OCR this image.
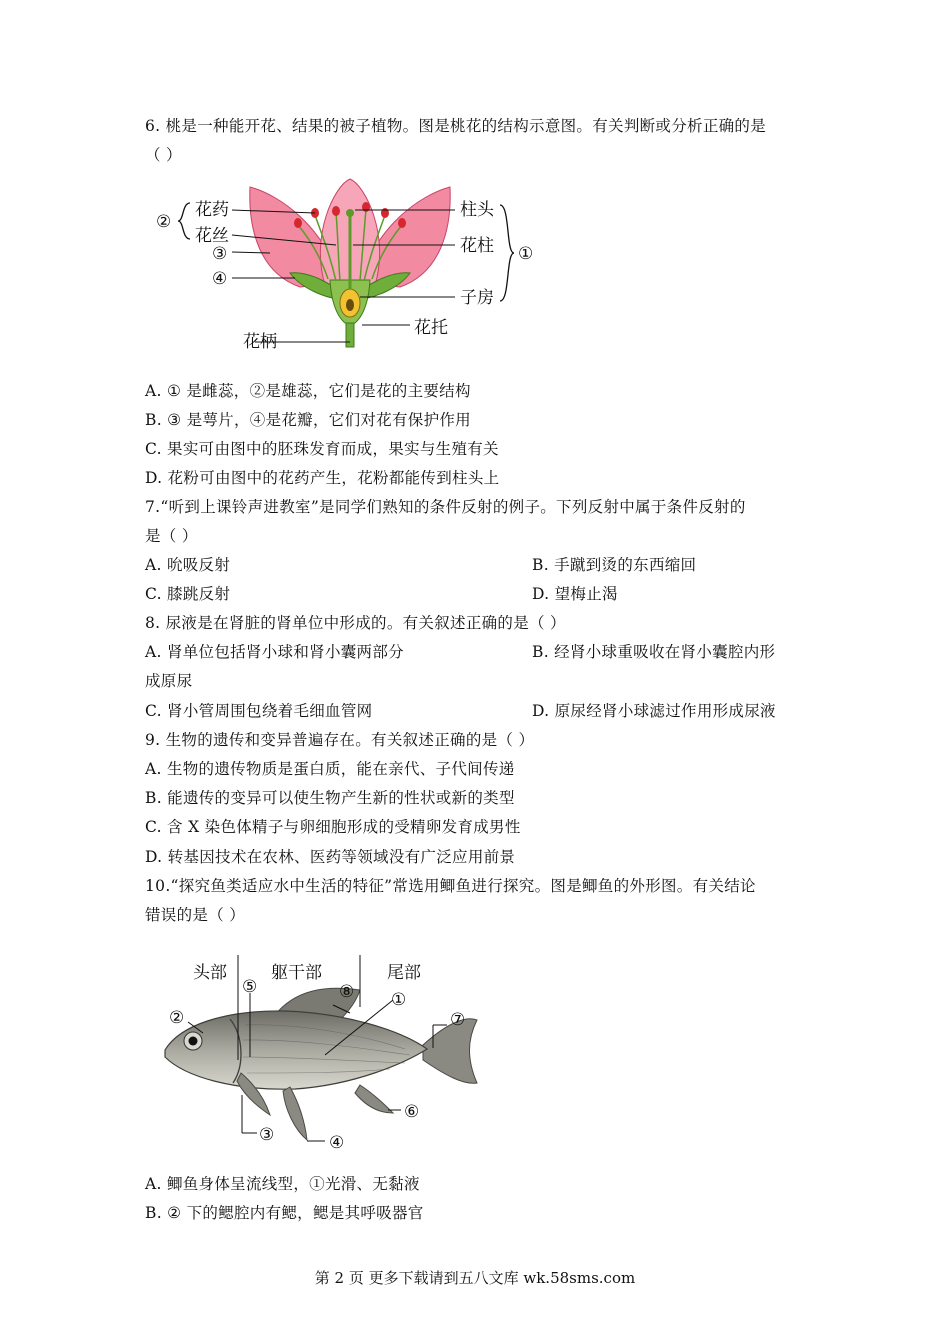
6. 桃是一种能开花、结果的被子植物。图是桃花的结构示意图。有关判断或分析正确的是
（ ）
花药
花丝
②
③
④
花柄
柱头
花柱
子房
花托
①
A. ① 是雌蕊，②是雄蕊，它们是花的主要结构
B. ③ 是萼片，④是花瓣，它们对花有保护作用
C. 果实可由图中的胚珠发育而成，果实与生殖有关
D. 花粉可由图中的花药产生，花粉都能传到柱头上
7.“听到上课铃声进教室”是同学们熟知的条件反射的例子。下列反射中属于条件反射的
是（ ）
A. 吮吸反射	B. 手蹴到烫的东西缩回
C. 膝跳反射	D. 望梅止渴
8. 尿液是在肾脏的肾单位中形成的。有关叙述正确的是（ ）
A. 肾单位包括肾小球和肾小囊两部分	B. 经肾小球重吸收在肾小囊腔内形
成原尿
C. 肾小管周围包绕着毛细血管网	D. 原尿经肾小球滤过作用形成尿液
9. 生物的遗传和变异普遍存在。有关叙述正确的是（ ）
A. 生物的遗传物质是蛋白质，能在亲代、子代间传递
B. 能遗传的变异可以使生物产生新的性状或新的类型
C. 含 X 染色体精子与卵细胞形成的受精卵发育成男性
D. 转基因技术在农林、医药等领域没有广泛应用前景
10.“探究鱼类适应水中生活的特征”常选用鲫鱼进行探究。图是鲫鱼的外形图。有关结论
错误的是（ ）
头部	躯干部	尾部
②
⑤	⑧ ①
⑦
⑥
③	④
A. 鲫鱼身体呈流线型，①光滑、无黏液
B. ② 下的鳃腔内有鳃，鳃是其呼吸器官
第 2 页 更多下载请到五八文库 wk.58sms.com
